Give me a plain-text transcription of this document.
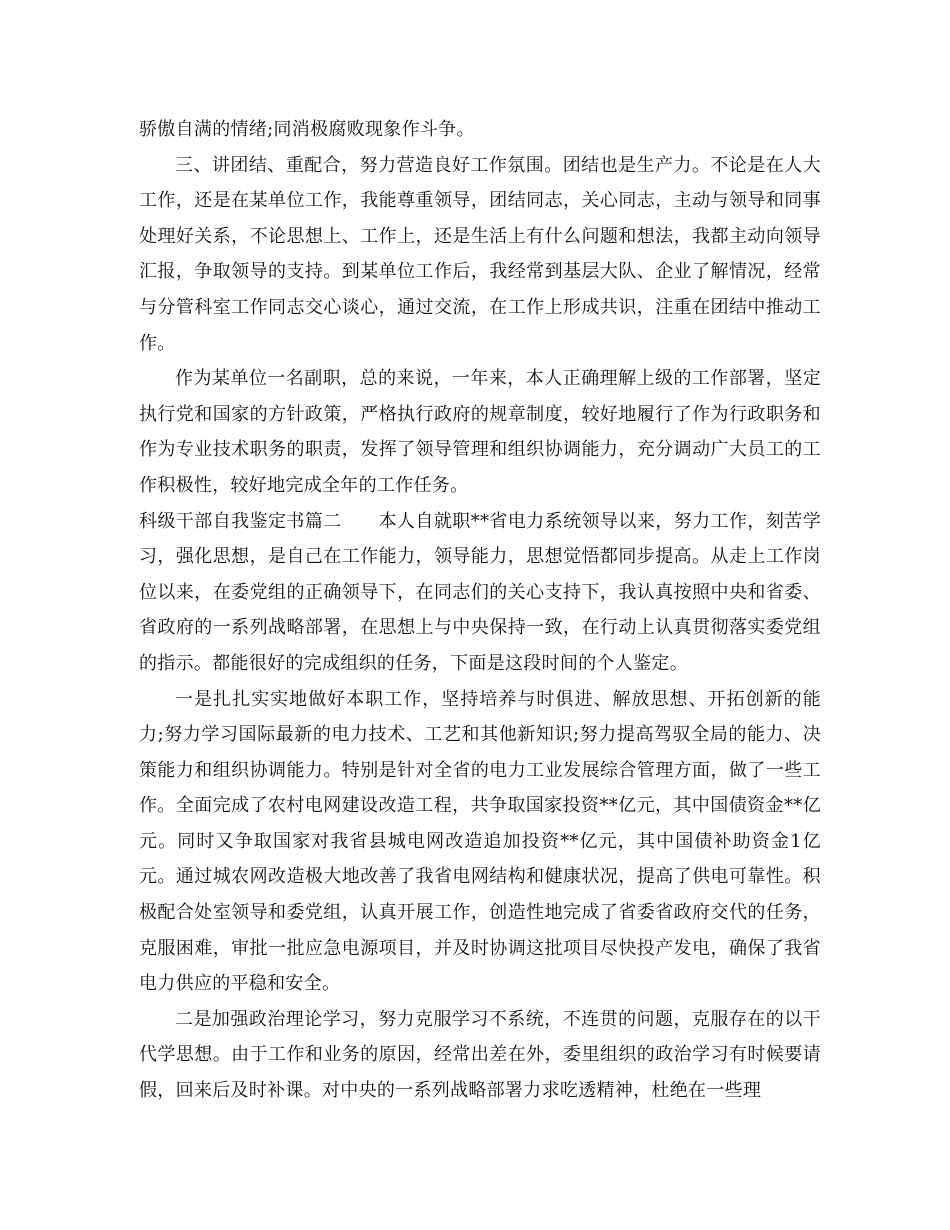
骄傲自满的情绪;同消极腐败现象作斗争。

三、讲团结、重配合，努力营造良好工作氛围。团结也是生产力。不论是在人大工作，还是在某单位工作，我能尊重领导，团结同志，关心同志，主动与领导和同事处理好关系，不论思想上、工作上，还是生活上有什么问题和想法，我都主动向领导汇报，争取领导的支持。到某单位工作后，我经常到基层大队、企业了解情况，经常与分管科室工作同志交心谈心，通过交流，在工作上形成共识，注重在团结中推动工作。

作为某单位一名副职，总的来说，一年来，本人正确理解上级的工作部署，坚定执行党和国家的方针政策，严格执行政府的规章制度，较好地履行了作为行政职务和作为专业技术职务的职责，发挥了领导管理和组织协调能力，充分调动广大员工的工作积极性，较好地完成全年的工作任务。

科级干部自我鉴定书篇二　　本人自就职**省电力系统领导以来，努力工作，刻苦学习，强化思想，是自己在工作能力，领导能力，思想觉悟都同步提高。从走上工作岗位以来，在委党组的正确领导下，在同志们的关心支持下，我认真按照中央和省委、省政府的一系列战略部署，在思想上与中央保持一致，在行动上认真贯彻落实委党组的指示。都能很好的完成组织的任务，下面是这段时间的个人鉴定。

一是扎扎实实地做好本职工作，坚持培养与时俱进、解放思想、开拓创新的能力;努力学习国际最新的电力技术、工艺和其他新知识;努力提高驾驭全局的能力、决策能力和组织协调能力。特别是针对全省的电力工业发展综合管理方面，做了一些工作。全面完成了农村电网建设改造工程，共争取国家投资**亿元，其中国债资金**亿元。同时又争取国家对我省县城电网改造追加投资**亿元，其中国债补助资金1亿元。通过城农网改造极大地改善了我省电网结构和健康状况，提高了供电可靠性。积极配合处室领导和委党组，认真开展工作，创造性地完成了省委省政府交代的任务，克服困难，审批一批应急电源项目，并及时协调这批项目尽快投产发电，确保了我省电力供应的平稳和安全。

二是加强政治理论学习，努力克服学习不系统，不连贯的问题，克服存在的以干代学思想。由于工作和业务的原因，经常出差在外，委里组织的政治学习有时候要请假，回来后及时补课。对中央的一系列战略部署力求吃透精神，杜绝在一些理
